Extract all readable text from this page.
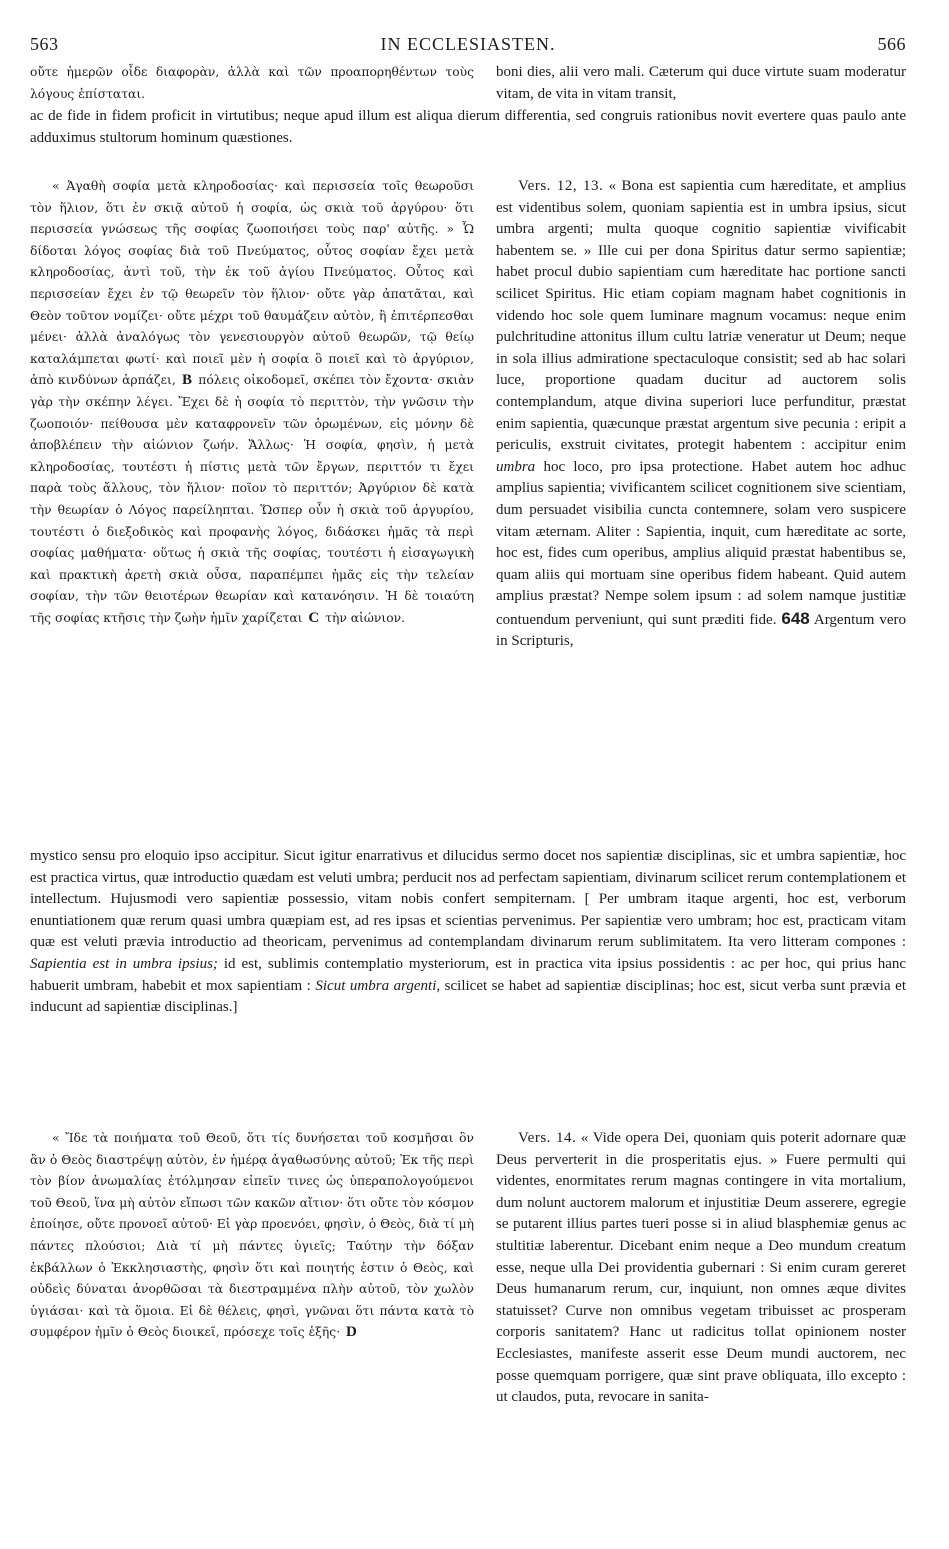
563	IN ECCLESIASTEN.	566

οὔτε ἡμερῶν οἶδε διαφορὰν, ἀλλὰ καὶ τῶν προαπορηθέντων τοὺς λόγους ἐπίσταται.

boni dies, alii vero mali. Cæterum qui duce virtute suam moderatur vitam, de vita in vitam transit,

ac de fide in fidem proficit in virtutibus; neque apud illum est aliqua dierum differentia, sed congruis rationibus novit evertere quas paulo ante adduximus stultorum hominum quæstiones.

« Ἀγαθὴ σοφία μετὰ κληροδοσίας· καὶ περισσεία τοῖς θεωροῦσι τὸν ἥλιον, ὅτι ἐν σκιᾷ αὐτοῦ ἡ σοφία, ὡς σκιὰ τοῦ ἀργύρου· ὅτι περισσεία γνώσεως τῆς σοφίας ζωοποιήσει τοὺς παρ' αὐτῆς. » Ὧ δίδοται λόγος σοφίας διὰ τοῦ Πνεύματος, οὗτος σοφίαν ἔχει μετὰ κληροδοσίας, ἀντὶ τοῦ, τὴν ἐκ τοῦ ἁγίου Πνεύματος. Οὗτος καὶ περισσείαν ἔχει ἐν τῷ θεωρεῖν τὸν ἥλιον· οὔτε γὰρ ἀπατᾶται, καὶ Θεὸν τοῦτον νομίζει· οὔτε μέχρι τοῦ θαυμάζειν αὐτὸν, ἢ ἐπιτέρπεσθαι μένει· ἀλλὰ ἀναλόγως τὸν γενεσιουργὸν αὐτοῦ θεωρῶν, τῷ θείῳ καταλάμπεται φωτί· καὶ ποιεῖ μὲν ἡ σοφία ὃ ποιεῖ καὶ τὸ ἀργύριον, ἀπὸ κινδύνων ἁρπάζει, B πόλεις οἰκοδομεῖ, σκέπει τὸν ἔχοντα· σκιὰν γὰρ τὴν σκέπην λέγει. Ἔχει δὲ ἡ σοφία τὸ περιττὸν, τὴν γνῶσιν τὴν ζωοποιόν· πείθουσα μὲν καταφρονεῖν τῶν ὁρωμένων, εἰς μόνην δὲ ἀποβλέπειν τὴν αἰώνιον ζωήν. Ἄλλως· Ἡ σοφία, φησὶν, ἡ μετὰ κληροδοσίας, τουτέστι ἡ πίστις μετὰ τῶν ἔργων, περιττόν τι ἔχει παρὰ τοὺς ἄλλους, τὸν ἥλιον· ποῖον τὸ περιττόν; Ἀργύριον δὲ κατὰ τὴν θεωρίαν ὁ Λόγος παρείληπται. Ὥσπερ οὖν ἡ σκιὰ τοῦ ἀργυρίου, τουτέστι ὁ διεξοδικὸς καὶ προφανὴς λόγος, διδάσκει ἡμᾶς τὰ περὶ σοφίας μαθήματα· οὕτως ἡ σκιὰ τῆς σοφίας, τουτέστι ἡ εἰσαγωγικὴ καὶ πρακτικὴ ἀρετὴ σκιὰ οὖσα, παραπέμπει ἡμᾶς εἰς τὴν τελείαν σοφίαν, τὴν τῶν θειοτέρων θεωρίαν καὶ κατανόησιν. Ἡ δὲ τοιαύτη τῆς σοφίας κτῆσις τὴν ζωὴν ἡμῖν χαρίζεται C τὴν αἰώνιον.

Vers. 12, 13. « Bona est sapientia cum hæreditate, et amplius est videntibus solem, quoniam sapientia est in umbra ipsius, sicut umbra argenti; multa quoque cognitio sapientiæ vivificabit habentem se. » Ille cui per dona Spiritus datur sermo sapientiæ; habet procul dubio sapientiam cum hæreditate hac portione sancti scilicet Spiritus. Hic etiam copiam magnam habet cognitionis in videndo hoc sole quem luminare magnum vocamus: neque enim pulchritudine attonitus illum cultu latriæ veneratur ut Deum; neque in sola illius admiratione spectaculoque consistit; sed ab hac solari luce, proportione quadam ducitur ad auctorem solis contemplandum, atque divina superiori luce perfunditur, præstat enim sapientia, quæcunque præstat argentum sive pecunia : eripit a periculis, exstruit civitates, protegit habentem : accipitur enim umbra hoc loco, pro ipsa protectione. Habet autem hoc adhuc amplius sapientia; vivificantem scilicet cognitionem sive scientiam, dum persuadet visibilia cuncta contemnere, solam vero suspicere vitam æternam. Aliter : Sapientia, inquit, cum hæreditate ac sorte, hoc est, fides cum operibus, amplius aliquid præstat habentibus se, quam aliis qui mortuam sine operibus fidem habeant. Quid autem amplius præstat? Nempe solem ipsum : ad solem namque justitiæ contuendum perveniunt, qui sunt præditi fide. 648 Argentum vero in Scripturis,

mystico sensu pro eloquio ipso accipitur. Sicut igitur enarrativus et dilucidus sermo docet nos sapientiæ disciplinas, sic et umbra sapientiæ, hoc est practica virtus, quæ introductio quædam est veluti umbra; perducit nos ad perfectam sapientiam, divinarum scilicet rerum contemplationem et intellectum. Hujusmodi vero sapientiæ possessio, vitam nobis confert sempiternam. [ Per umbram itaque argenti, hoc est, verborum enuntiationem quæ rerum quasi umbra quæpiam est, ad res ipsas et scientias pervenimus. Per sapientiæ vero umbram; hoc est, practicam vitam quæ est veluti prævia introductio ad theoricam, pervenimus ad contemplandam divinarum rerum sublimitatem. Ita vero litteram compones : Sapientia est in umbra ipsius; id est, sublimis contemplatio mysteriorum, est in practica vita ipsius possidentis : ac per hoc, qui prius hanc habuerit umbram, habebit et mox sapientiam : Sicut umbra argenti, scilicet se habet ad sapientiæ disciplinas; hoc est, sicut verba sunt prævia et inducunt ad sapientiæ disciplinas.]

« Ἴδε τὰ ποιήματα τοῦ Θεοῦ, ὅτι τίς δυνήσεται τοῦ κοσμῆσαι ὃν ἂν ὁ Θεὸς διαστρέψῃ αὐτὸν, ἐν ἡμέρᾳ ἀγαθωσύνης αὐτοῦ; Ἐκ τῆς περὶ τὸν βίον ἀνωμαλίας ἐτόλμησαν εἰπεῖν τινες ὡς ὑπεραπολογούμενοι τοῦ Θεοῦ, ἵνα μὴ αὐτὸν εἴπωσι τῶν κακῶν αἴτιον· ὅτι οὔτε τὸν κόσμον ἐποίησε, οὔτε προνοεῖ αὐτοῦ· Εἰ γὰρ προενόει, φησὶν, ὁ Θεὸς, διὰ τί μὴ πάντες πλούσιοι; Διὰ τί μὴ πάντες ὑγιεῖς; Ταύτην τὴν δόξαν ἐκβάλλων ὁ Ἐκκλησιαστὴς, φησὶν ὅτι καὶ ποιητής ἐστιν ὁ Θεὸς, καὶ οὐδεὶς δύναται ἀνορθῶσαι τὰ διεστραμμένα πλὴν αὐτοῦ, τὸν χωλὸν ὑγιάσαι· καὶ τὰ ὅμοια. Εἰ δὲ θέλεις, φησὶ, γνῶναι ὅτι πάντα κατὰ τὸ συμφέρον ἡμῖν ὁ Θεὸς διοικεῖ, πρόσεχε τοῖς ἑξῆς· D

Vers. 14. « Vide opera Dei, quoniam quis poterit adornare quæ Deus perverterit in die prosperitatis ejus. » Fuere permulti qui videntes, enormitates rerum magnas contingere in vita mortalium, dum nolunt auctorem malorum et injustitiæ Deum asserere, egregie se putarent illius partes tueri posse si in aliud blasphemiæ genus ac stultitiæ laberentur. Dicebant enim neque a Deo mundum creatum esse, neque ulla Dei providentia gubernari : Si enim curam gereret Deus humanarum rerum, cur, inquiunt, non omnes æque divites statuisset? Curve non omnibus vegetam tribuisset ac prosperam corporis sanitatem? Hanc ut radicitus tollat opinionem noster Ecclesiastes, manifeste asserit esse Deum mundi auctorem, nec posse quemquam porrigere, quæ sint prave obliquata, illo excepto : ut claudos, puta, revocare in sanita-
